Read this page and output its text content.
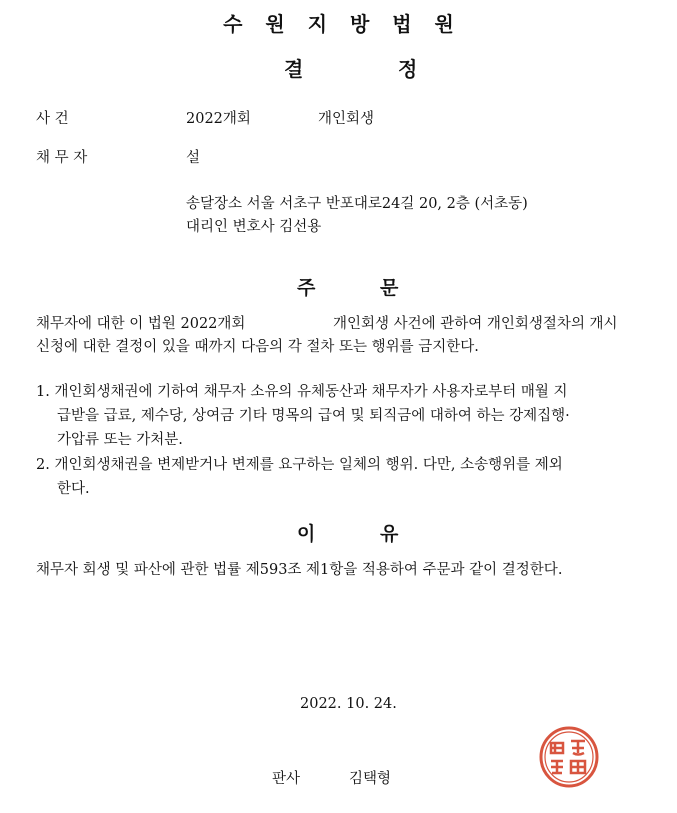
수 원 지 방 법 원
결	정
사 건	2022개회	개인회생
채 무 자	설
송달장소 서울 서초구 반포대로24길 20, 2층 (서초동)
대리인 변호사 김선용
주	문
채무자에 대한 이 법원 2022개회	개인회생 사건에 관하여 개인회생절차의 개시
신청에 대한 결정이 있을 때까지 다음의 각 절차 또는 행위를 금지한다.
1. 개인회생채권에 기하여 채무자 소유의 유체동산과 채무자가 사용자로부터 매월 지
급받을 급료, 제수당, 상여금 기타 명목의 급여 및 퇴직금에 대하여 하는 강제집행·
가압류 또는 가처분.
2. 개인회생채권을 변제받거나 변제를 요구하는 일체의 행위. 다만, 소송행위를 제외
한다.
이	유
채무자 회생 및 파산에 관한 법률 제593조 제1항을 적용하여 주문과 같이 결정한다.
2022. 10. 24.
판사	김택형
